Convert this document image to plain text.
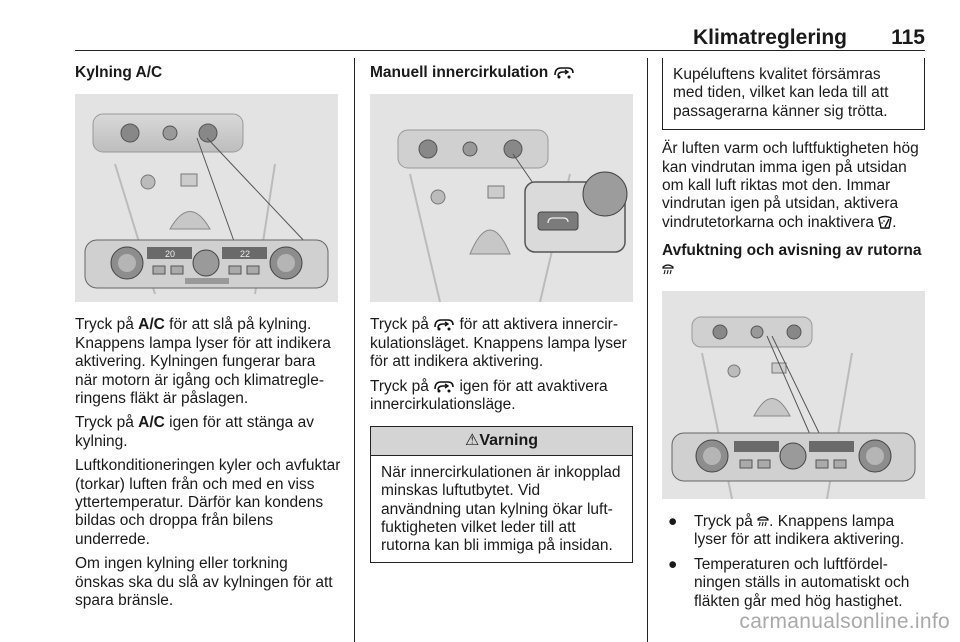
Klimatreglering 115
Kylning A/C
20	22

Tryck på A/C för att slå på kylning. Knappens lampa lyser för att indikera aktivering. Kylningen fungerar bara när motorn är igång och klimatregleringens fläkt är påslagen.

Tryck på A/C igen för att stänga av kylning.

Luftkonditioneringen kyler och avfuktar (torkar) luften från och med en viss yttertemperatur. Därför kan kondens bildas och droppa från bilens underrede.

Om ingen kylning eller torkning önskas ska du slå av kylningen för att spara bränsle.

Manuell innercirkulation

Tryck på  för att aktivera innercirkulationsläget. Knappens lampa lyser för att indikera aktivering.

Tryck på  igen för att avaktivera innercirkulationsläge.

⚠Varning
När innercirkulationen är inkopplad minskas luftutbytet. Vid användning utan kylning ökar luftfuktigheten vilket leder till att rutorna kan bli immiga på insidan.
Kupéluftens kvalitet försämras med tiden, vilket kan leda till att passagerarna känner sig trötta.

Är luften varm och luftfuktigheten hög kan vindrutan imma igen på utsidan om kall luft riktas mot den. Immar vindrutan igen på utsidan, aktivera vindrutetorkarna och inaktivera .

Avfuktning och avisning av rutorna
● Tryck på . Knappens lampa lyser för att indikera aktivering.
● Temperaturen och luftfördelningen ställs in automatiskt och fläkten går med hög hastighet.
carmanualsonline.info
